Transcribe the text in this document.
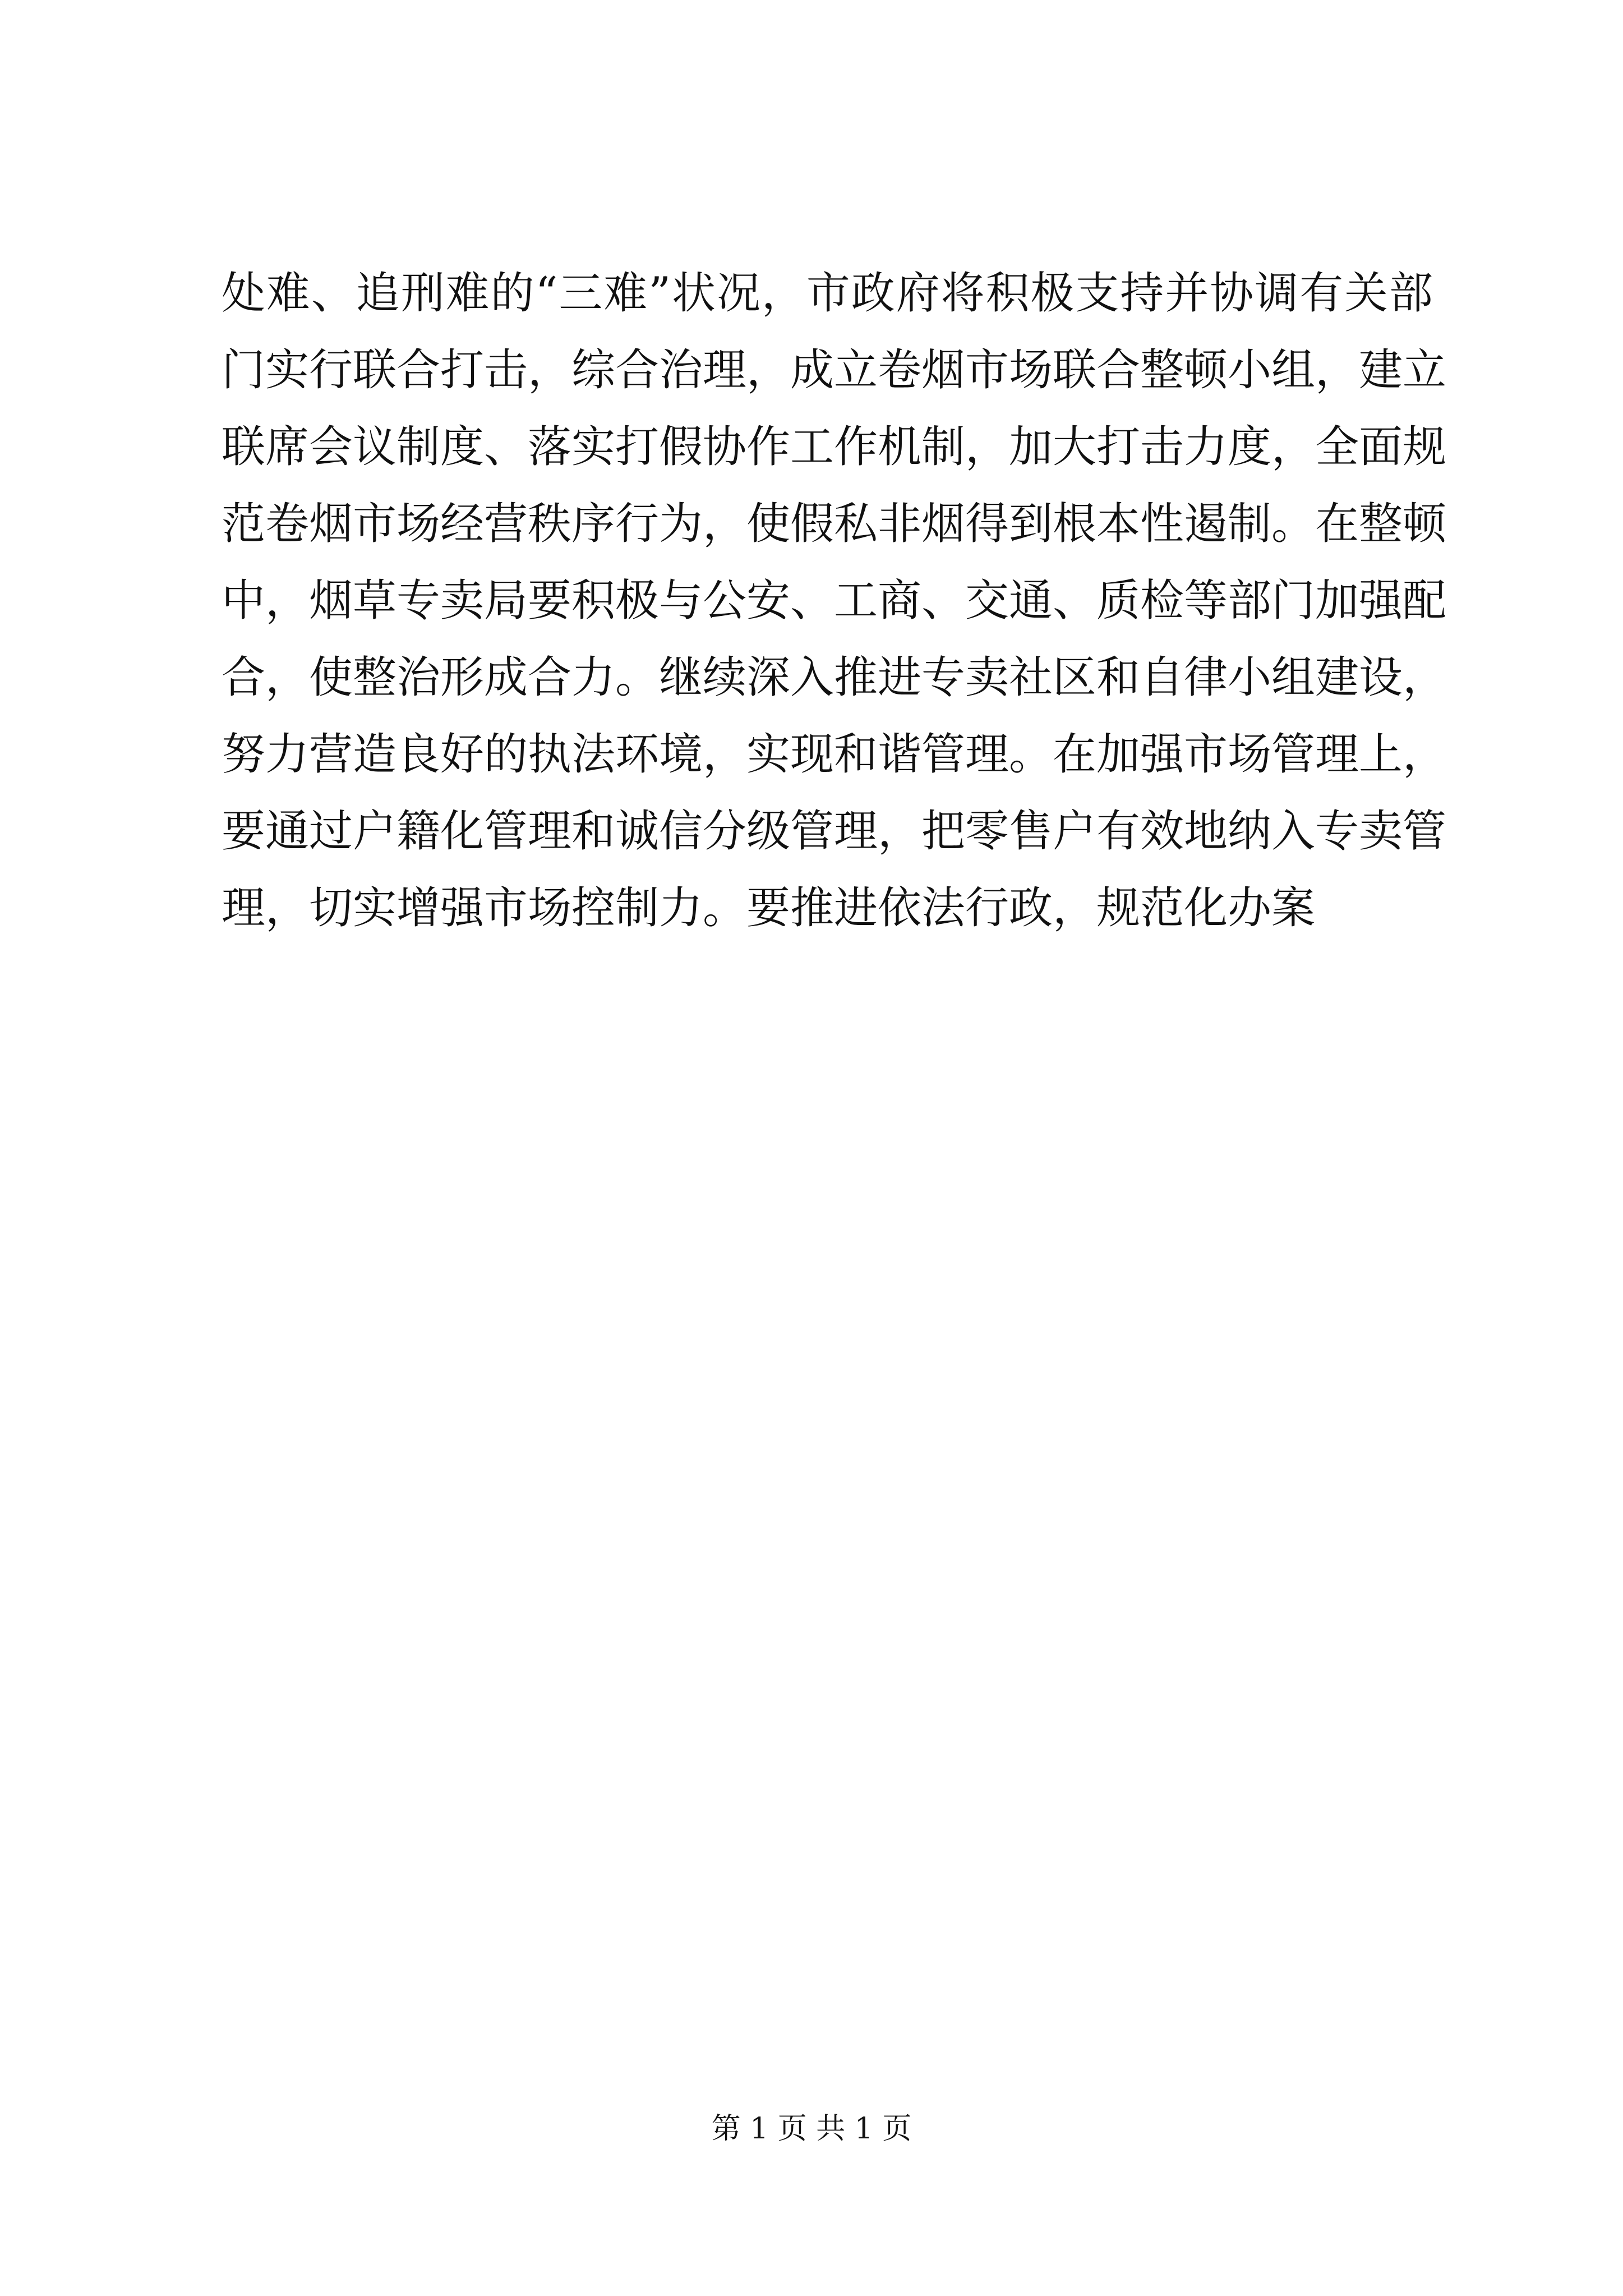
处难、追刑难的“三难”状况，市政府将积极支持并协调有关部
门实行联合打击，综合治理，成立卷烟市场联合整顿小组，建立
联席会议制度、落实打假协作工作机制，加大打击力度，全面规
范卷烟市场经营秩序行为，使假私非烟得到根本性遏制。在整顿
中，烟草专卖局要积极与公安、工商、交通、质检等部门加强配
合，使整治形成合力。继续深入推进专卖社区和自律小组建设，
努力营造良好的执法环境，实现和谐管理。在加强市场管理上，
要通过户籍化管理和诚信分级管理，把零售户有效地纳入专卖管
理，切实增强市场控制力。要推进依法行政，规范化办案
第 1 页 共 1 页
